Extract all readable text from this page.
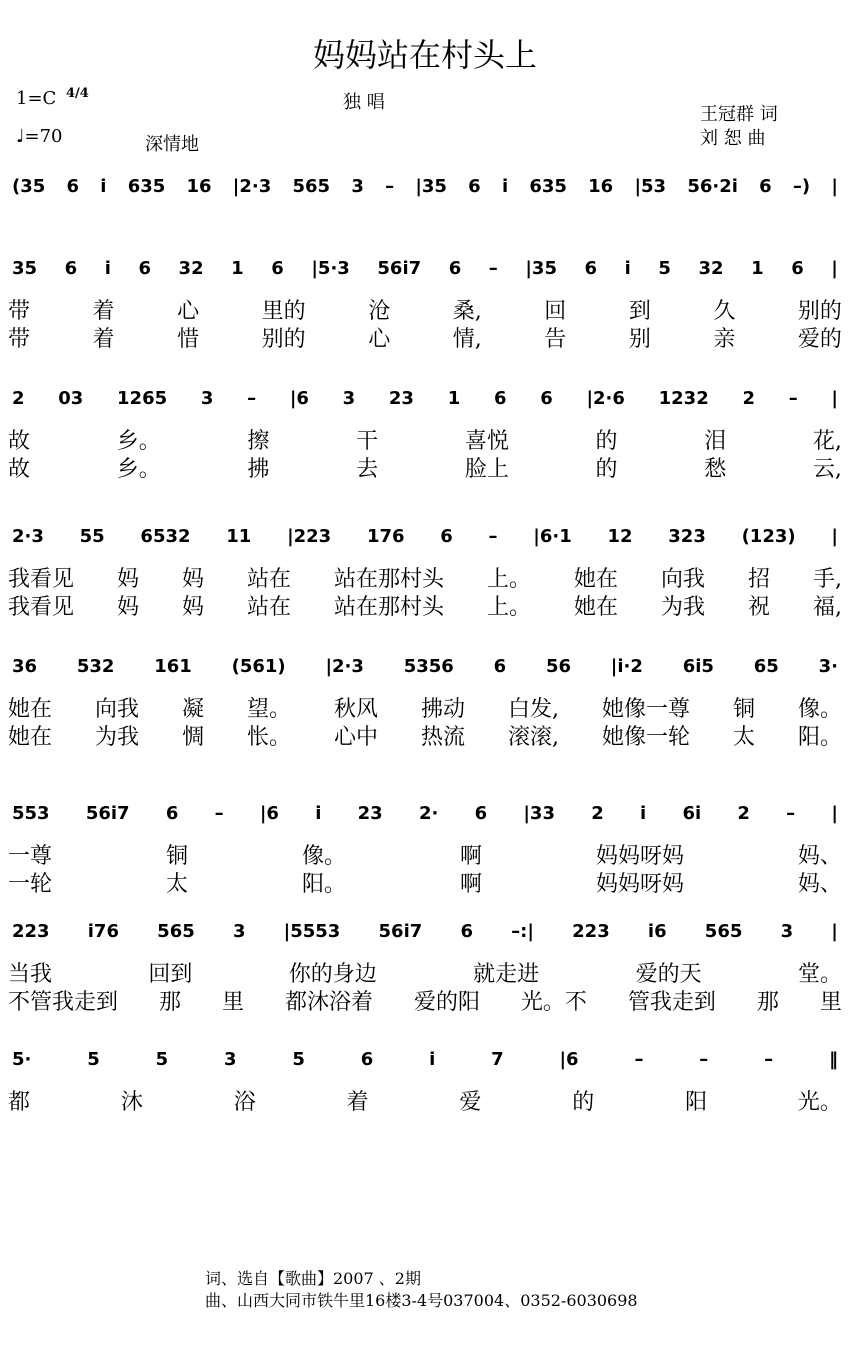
妈妈站在村头上
1=C 4/4
♩=70	深情地
独 唱
王冠群 词
刘 恕 曲
(35 6 i 635 16 |2·3 565 3 – |35 6 i 635 16 |53 56·2i 6 –) |
35 6 i 6 32 1 6 |5·3 56i7 6 – |35 6 i 5 32 1 6 |
带	着	心	里的	沧	桑,	回	到	久	别的
带	着	惜	别的	心	情,	告	别	亲	爱的
2 03 1265 3 – |6 3 23 1 6 6 |2·6 1232 2 – |
故	乡。	擦	干	喜悦	的	泪	花,
故	乡。	拂	去	脸上	的	愁	云,
2·3 55 6532 11 |223 176 6 – |6·1 12 323 (123) |
我看见 妈 妈 站在 站在那村头 上。 她在 向我 招 手,
我看见 妈 妈 站在 站在那村头 上。 她在 为我 祝 福,
36 532 161 (561) |2·3 5356 6 56 |i·2 6i5 65 3·
她在 向我 凝 望。 秋风 拂动 白发, 她像一尊 铜 像。
她在 为我 惆 怅。 心中 热流 滚滚, 她像一轮 太 阳。
553 56i7 6 – |6 i 23 2· 6 |33 2 i 6i 2 – |
一尊	铜	像。	啊	妈妈呀妈	妈、
一轮	太	阳。	啊	妈妈呀妈	妈、
223 i76 565 3 |5553 56i7 6 –:| 223 i6 565 3 |
当我	回到	你的身边	就走进	爱的天	堂。
不管我走到 那 里 都沐浴着 爱的阳 光。不 管我走到 那 里
5·	5	5	3	5	6	i	7	|6	–	–	–	‖
都	沐	浴	着	爱	的	阳	光。
词、选自【歌曲】2007 、2期
曲、山西大同市铁牛里16楼3-4号037004、0352-6030698
